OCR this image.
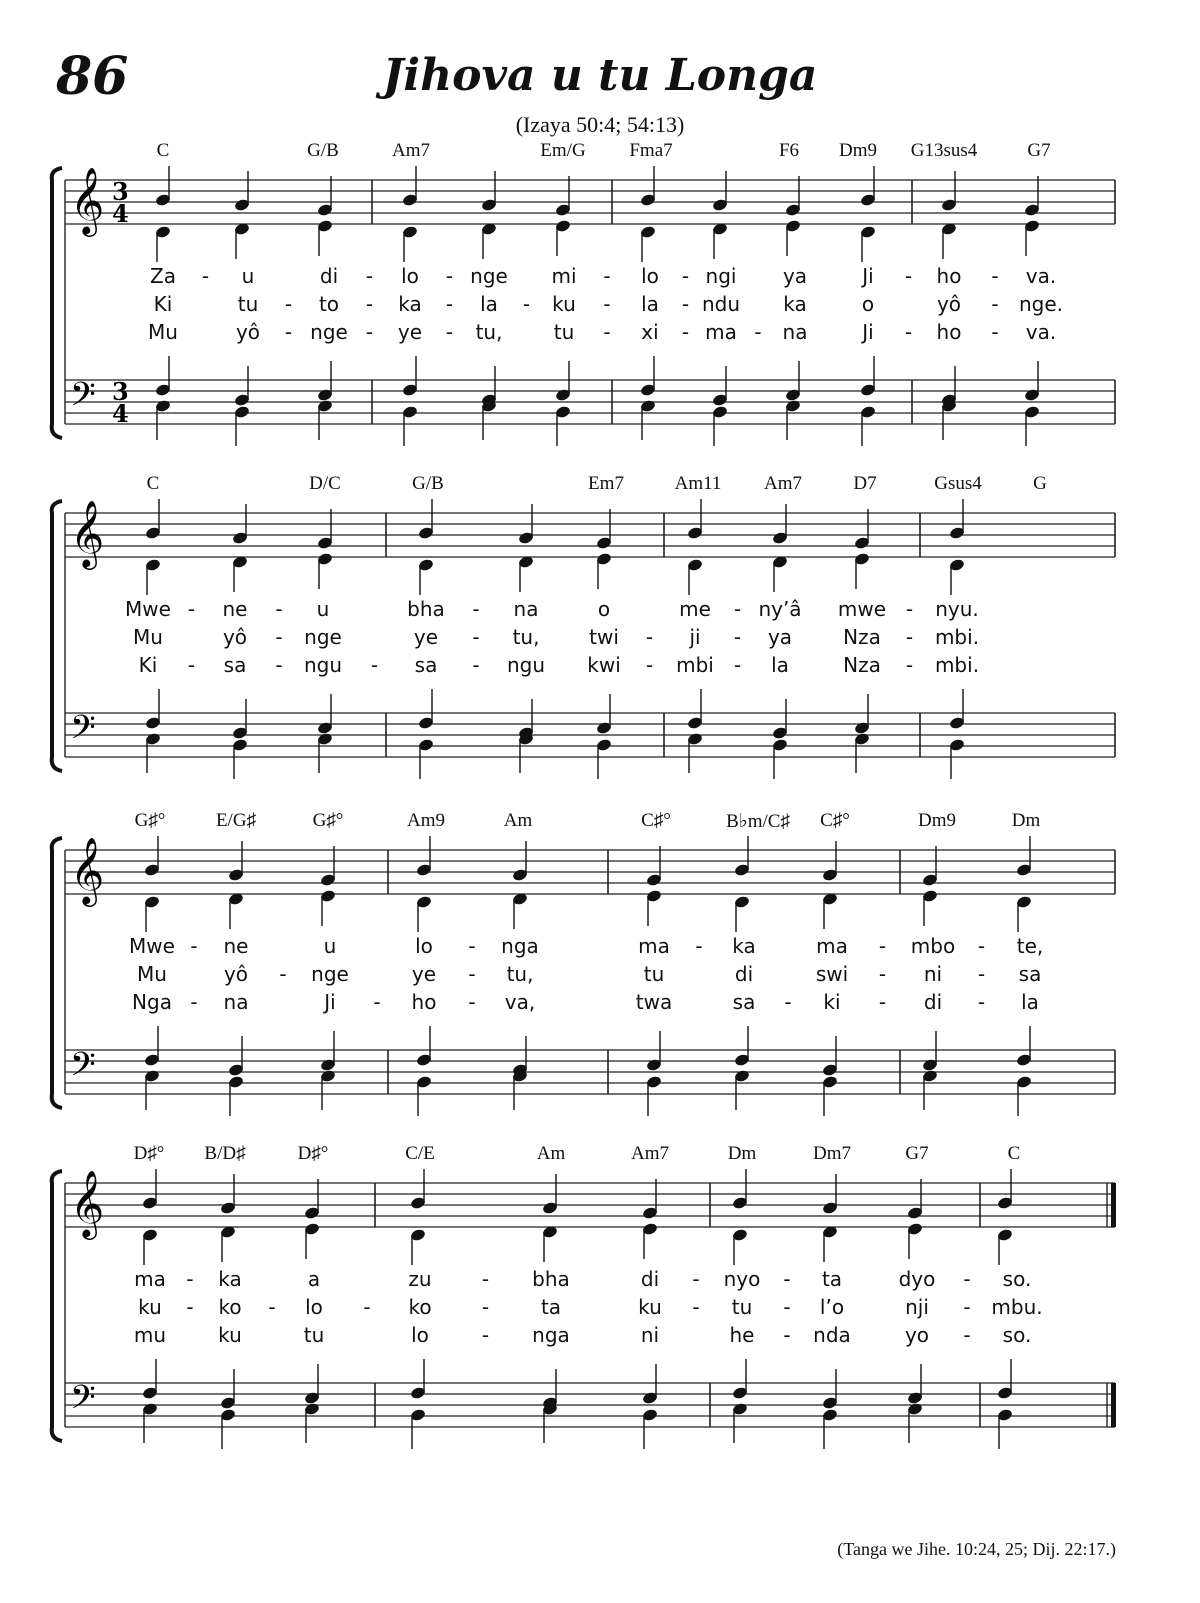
86	Jihova u tu Longa
(Izaya 50:4; 54:13)
C	G/B	Am7	Em/G Fma7	F6 Dm9 G13sus4	G7
𝄞
𝄢
3
4
3
4
Za - u	di - lo - nge mi - lo - ngi ya	Ji - ho - va.
Ki	tu - to - ka - la - ku - la - ndu ka	o	yô - nge.
Mu	yô - nge - ye - tu,	tu - xi - ma - na	Ji - ho - va.
C	D/C	G/B	Em7	Am11 Am7	D7	Gsus4	G
𝄞
𝄢
Mwe - ne - u	bha - na	o	me - ny’â mwe - nyu.
Mu	yô - nge	ye - tu, twi - ji - ya	Nza - mbi.
Ki - sa - ngu - sa - ngu kwi - mbi - la	Nza - mbi.
G♯°	E/G♯	G♯°	Am9	Am	C♯°	B♭m/C♯ C♯°	Dm9	Dm
𝄞
𝄢
Mwe - ne	u	lo - nga	ma - ka	ma - mbo - te,
Mu	yô - nge	ye - tu,	tu	di	swi - ni - sa
Nga - na	Ji - ho - va,	twa	sa - ki - di - la
D♯° B/D♯	D♯°	C/E	Am	Am7	Dm	Dm7	G7	C
𝄞
𝄢
ma - ka	a	zu	- bha	di - nyo - ta	dyo - so.
ku - ko - lo - ko	-	ta	ku - tu - l’o	nji - mbu.
mu	ku	tu	lo	- nga	ni	he - nda	yo - so.
(Tanga we Jihe. 10:24, 25; Dij. 22:17.)
